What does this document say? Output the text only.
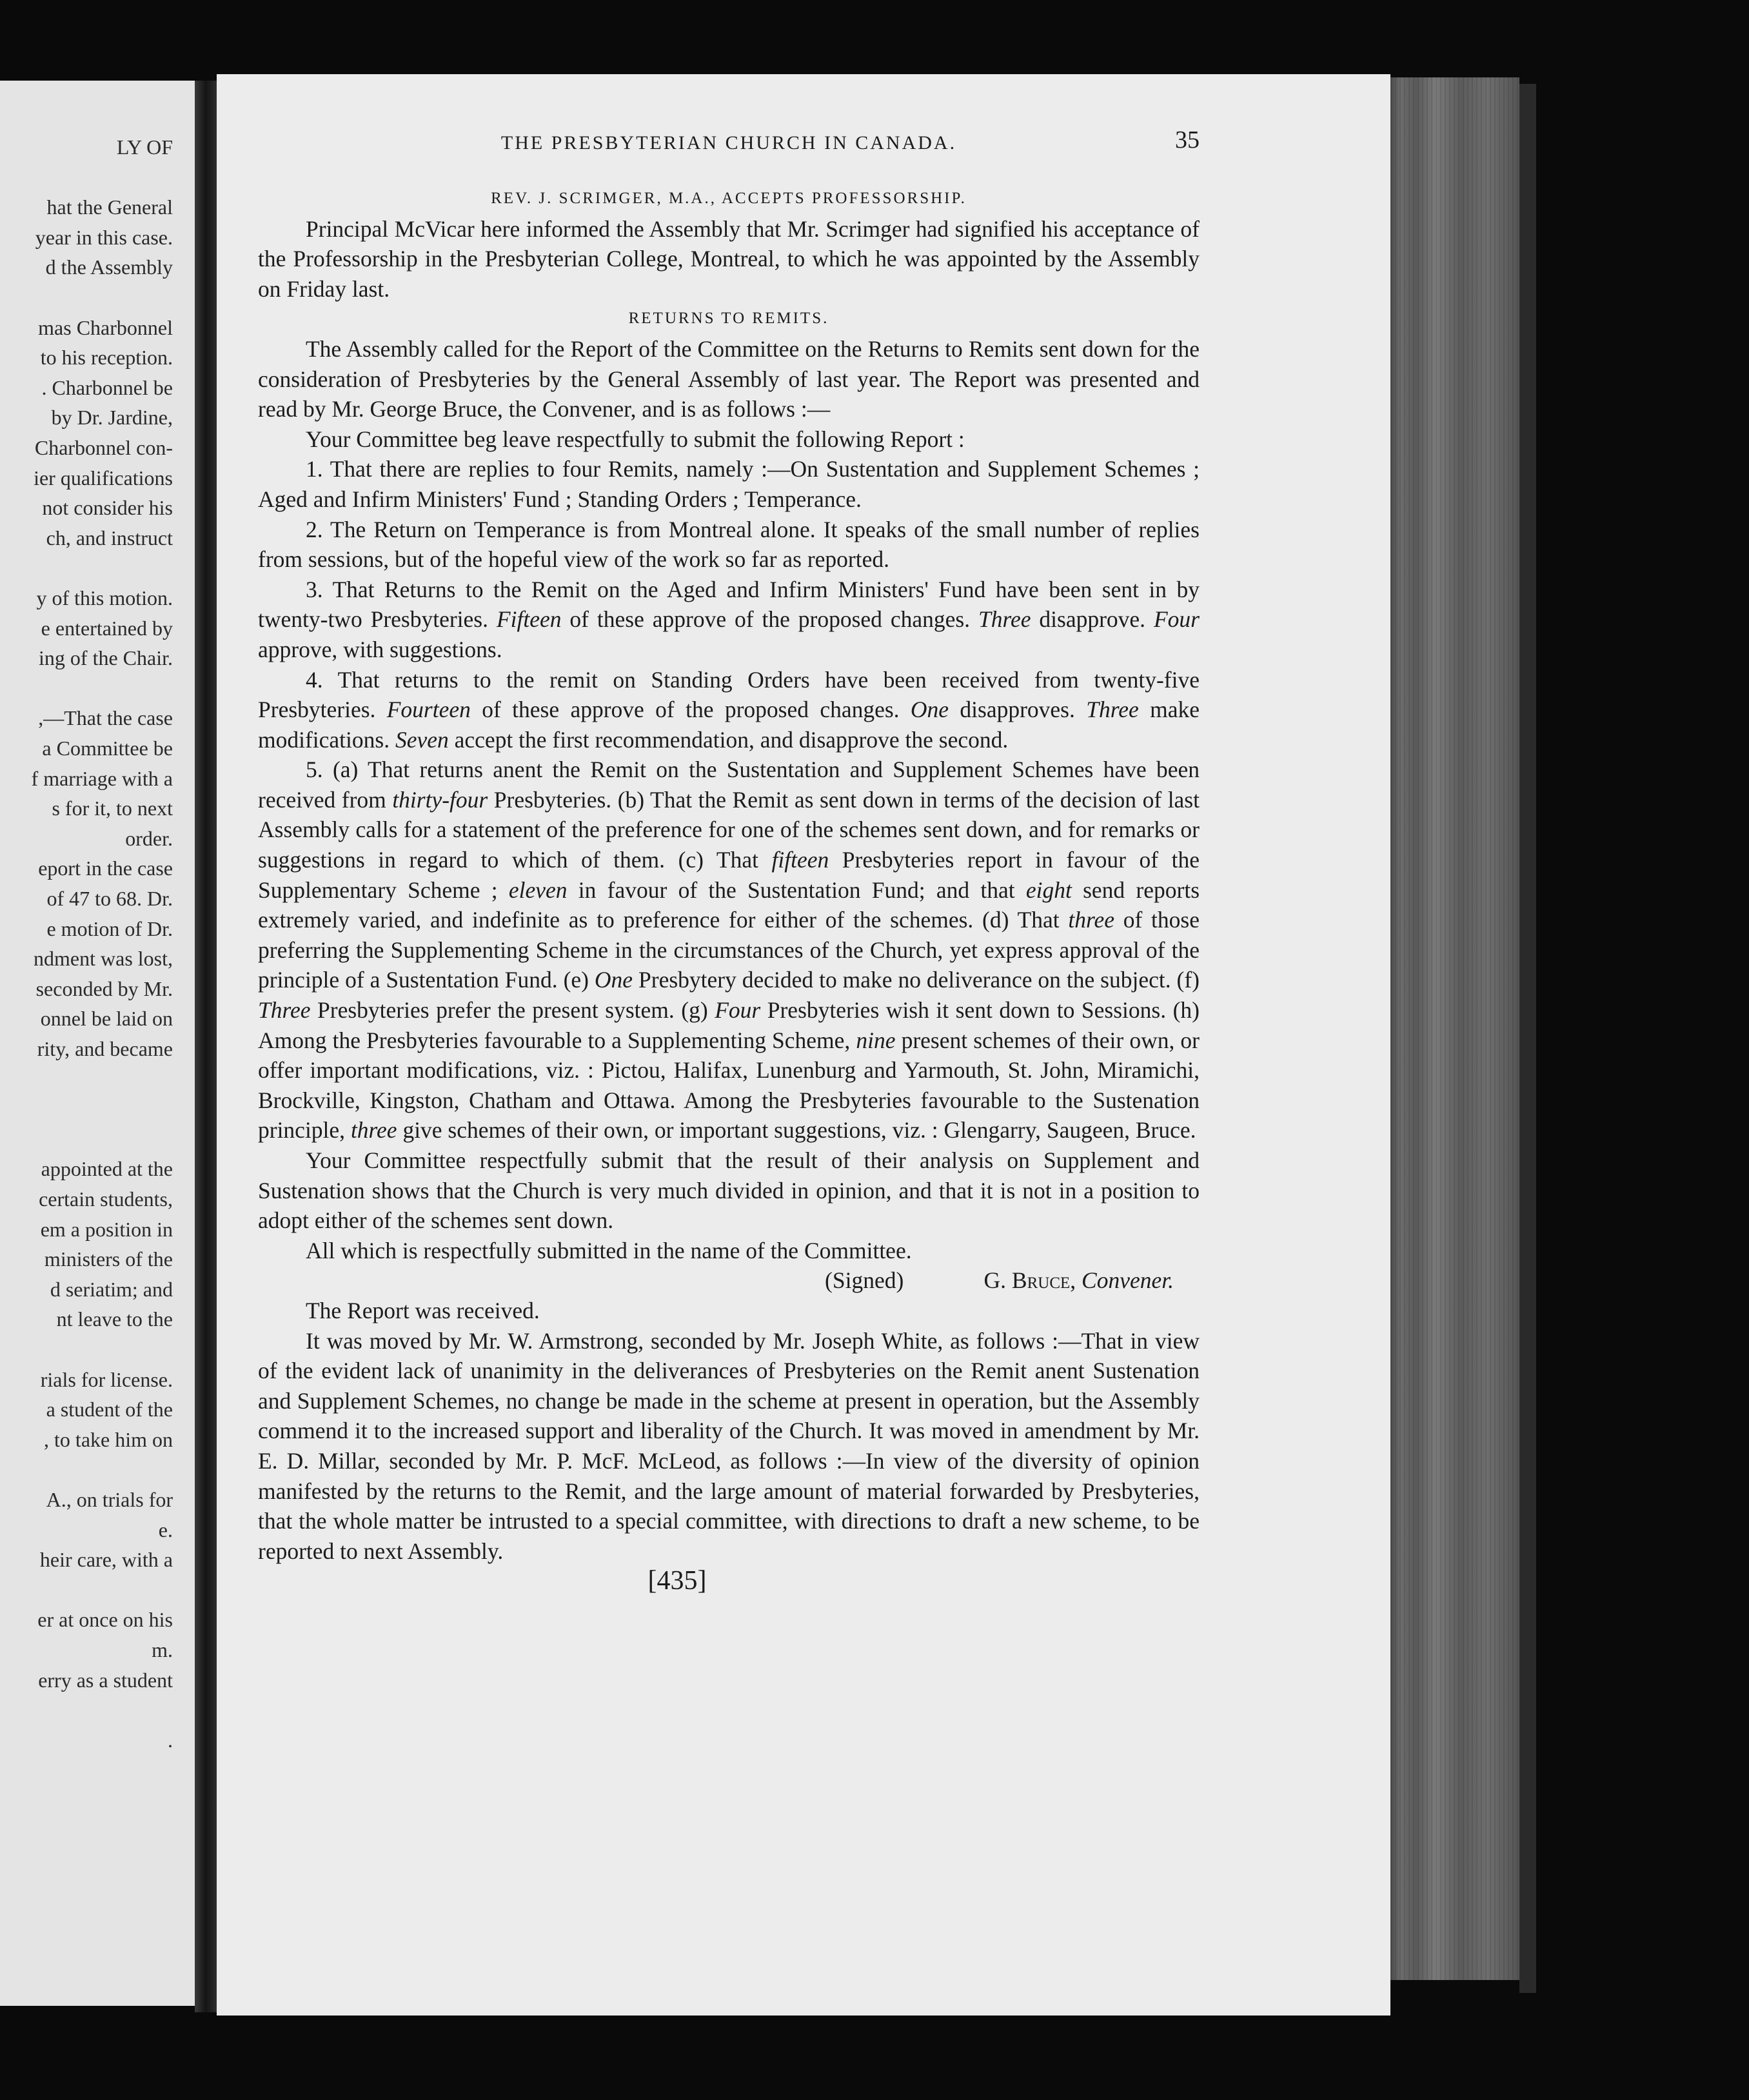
LY OF
hat the General
year in this case.
d the Assembly
mas Charbonnel
to his reception.
. Charbonnel be
by Dr. Jardine,
Charbonnel con-
ier qualifications
not consider his
ch, and instruct
y of this motion.
e entertained by
ing of the Chair.
,—That the case
a Committee be
f marriage with a
s for it, to next
order.
eport in the case
of 47 to 68. Dr.
e motion of Dr.
ndment was lost,
seconded by Mr.
onnel be laid on
rity, and became
appointed at the
certain students,
em a position in
ministers of the
d seriatim; and
nt leave to the
rials for license.
a student of the
, to take him on
A., on trials for
e.
heir care, with a
er at once on his
m.
erry as a student
.
THE PRESBYTERIAN CHURCH IN CANADA.	35

REV. J. SCRIMGER, M.A., ACCEPTS PROFESSORSHIP.

Principal McVicar here informed the Assembly that Mr. Scrimger had signified his acceptance of the Professorship in the Presbyterian College, Montreal, to which he was appointed by the Assembly on Friday last.

RETURNS TO REMITS.

The Assembly called for the Report of the Committee on the Returns to Remits sent down for the consideration of Presbyteries by the General Assembly of last year. The Report was presented and read by Mr. George Bruce, the Convener, and is as follows :—

Your Committee beg leave respectfully to submit the following Report :

1. That there are replies to four Remits, namely :—On Sustentation and Supplement Schemes ; Aged and Infirm Ministers' Fund ; Standing Orders ; Temperance.

2. The Return on Temperance is from Montreal alone. It speaks of the small number of replies from sessions, but of the hopeful view of the work so far as reported.

3. That Returns to the Remit on the Aged and Infirm Ministers' Fund have been sent in by twenty-two Presbyteries. Fifteen of these approve of the proposed changes. Three disapprove. Four approve, with suggestions.

4. That returns to the remit on Standing Orders have been received from twenty-five Presbyteries. Fourteen of these approve of the proposed changes. One disapproves. Three make modifications. Seven accept the first recommendation, and disapprove the second.

5. (a) That returns anent the Remit on the Sustentation and Supplement Schemes have been received from thirty-four Presbyteries. (b) That the Remit as sent down in terms of the decision of last Assembly calls for a statement of the preference for one of the schemes sent down, and for remarks or suggestions in regard to which of them. (c) That fifteen Presbyteries report in favour of the Supplementary Scheme ; eleven in favour of the Sustentation Fund; and that eight send reports extremely varied, and indefinite as to preference for either of the schemes. (d) That three of those preferring the Supplementing Scheme in the circumstances of the Church, yet express approval of the principle of a Sustentation Fund. (e) One Presbytery decided to make no deliverance on the subject. (f) Three Presbyteries prefer the present system. (g) Four Presbyteries wish it sent down to Sessions. (h) Among the Presbyteries favourable to a Supplementing Scheme, nine present schemes of their own, or offer important modifications, viz. : Pictou, Halifax, Lunenburg and Yarmouth, St. John, Miramichi, Brockville, Kingston, Chatham and Ottawa. Among the Presbyteries favourable to the Sustenation principle, three give schemes of their own, or important suggestions, viz. : Glengarry, Saugeen, Bruce.

Your Committee respectfully submit that the result of their analysis on Supplement and Sustenation shows that the Church is very much divided in opinion, and that it is not in a position to adopt either of the schemes sent down.

All which is respectfully submitted in the name of the Committee.

(Signed)	G. Bruce, Convener.

The Report was received.

It was moved by Mr. W. Armstrong, seconded by Mr. Joseph White, as follows :—That in view of the evident lack of unanimity in the deliverances of Presbyteries on the Remit anent Sustenation and Supplement Schemes, no change be made in the scheme at present in operation, but the Assembly commend it to the increased support and liberality of the Church. It was moved in amendment by Mr. E. D. Millar, seconded by Mr. P. McF. McLeod, as follows :—In view of the diversity of opinion manifested by the returns to the Remit, and the large amount of material forwarded by Presbyteries, that the whole matter be intrusted to a special committee, with directions to draft a new scheme, to be reported to next Assembly.

[435]
